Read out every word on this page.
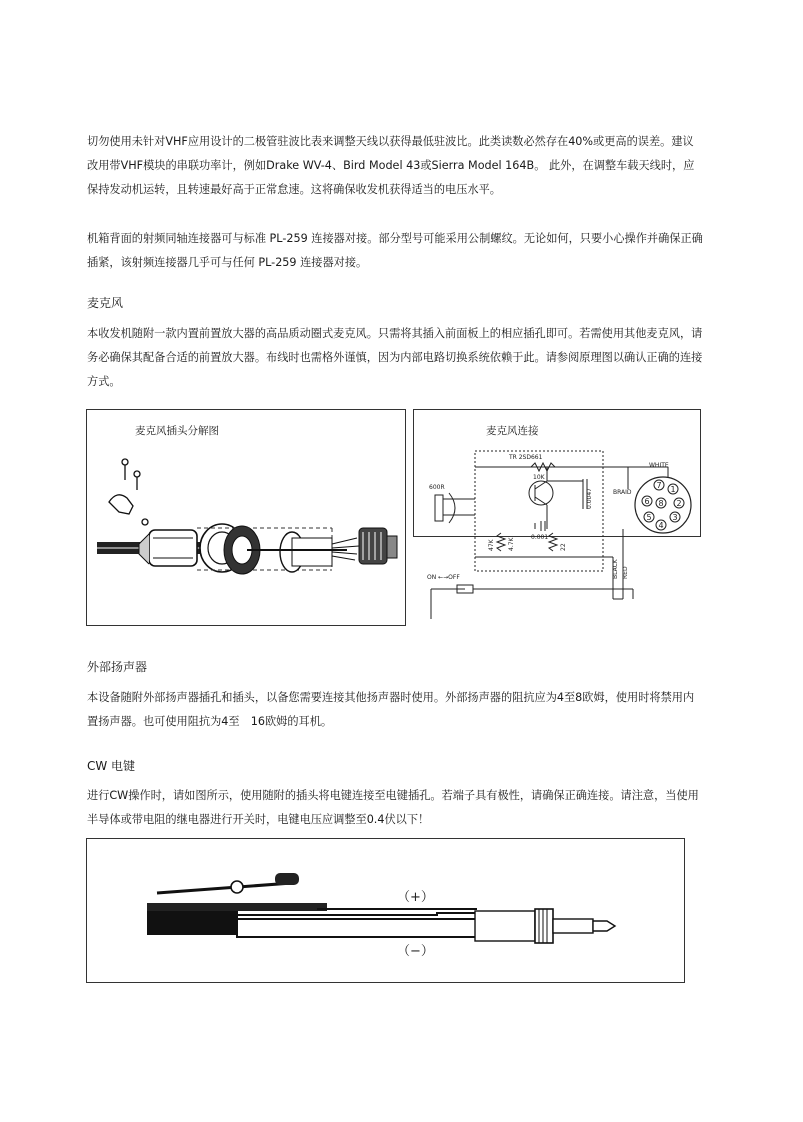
切勿使用未针对VHF应用设计的二极管驻波比表来调整天线以获得最低驻波比。此类读数必然存在40%或更高的误差。建议改用带VHF模块的串联功率计，例如Drake WV-4、Bird Model 43或Sierra Model 164B。 此外，在调整车载天线时，应保持发动机运转，且转速最好高于正常怠速。这将确保收发机获得适当的电压水平。

机箱背面的射频同轴连接器可与标准 PL-259 连接器对接。部分型号可能采用公制螺纹。无论如何，只要小心操作并确保正确插紧，该射频连接器几乎可与任何 PL-259 连接器对接。

麦克风

本收发机随附一款内置前置放大器的高品质动圈式麦克风。只需将其插入前面板上的相应插孔即可。若需使用其他麦克风，请务必确保其配备合适的前置放大器。布线时也需格外谨慎，因为内部电路切换系统依赖于此。请参阅原理图以确认正确的连接方式。

麦克风插头分解图	麦克风连接
TR 2SD661
10K
600R
0.0047
0.001
47K	22
4.7K
ON ←→OFF
BRAID
WHITE
BLACK RED
7 1
6 8 2
5	3
4
外部扬声器

本设备随附外部扬声器插孔和插头，以备您需要连接其他扬声器时使用。外部扬声器的阻抗应为4至8欧姆，使用时将禁用内置扬声器。也可使用阻抗为4至　16欧姆的耳机。

CW 电键

进行CW操作时，请如图所示，使用随附的插头将电键连接至电键插孔。若端子具有极性，请确保正确连接。请注意，当使用半导体或带电阻的继电器进行开关时，电键电压应调整至0.4伏以下！

（+）
（−）
